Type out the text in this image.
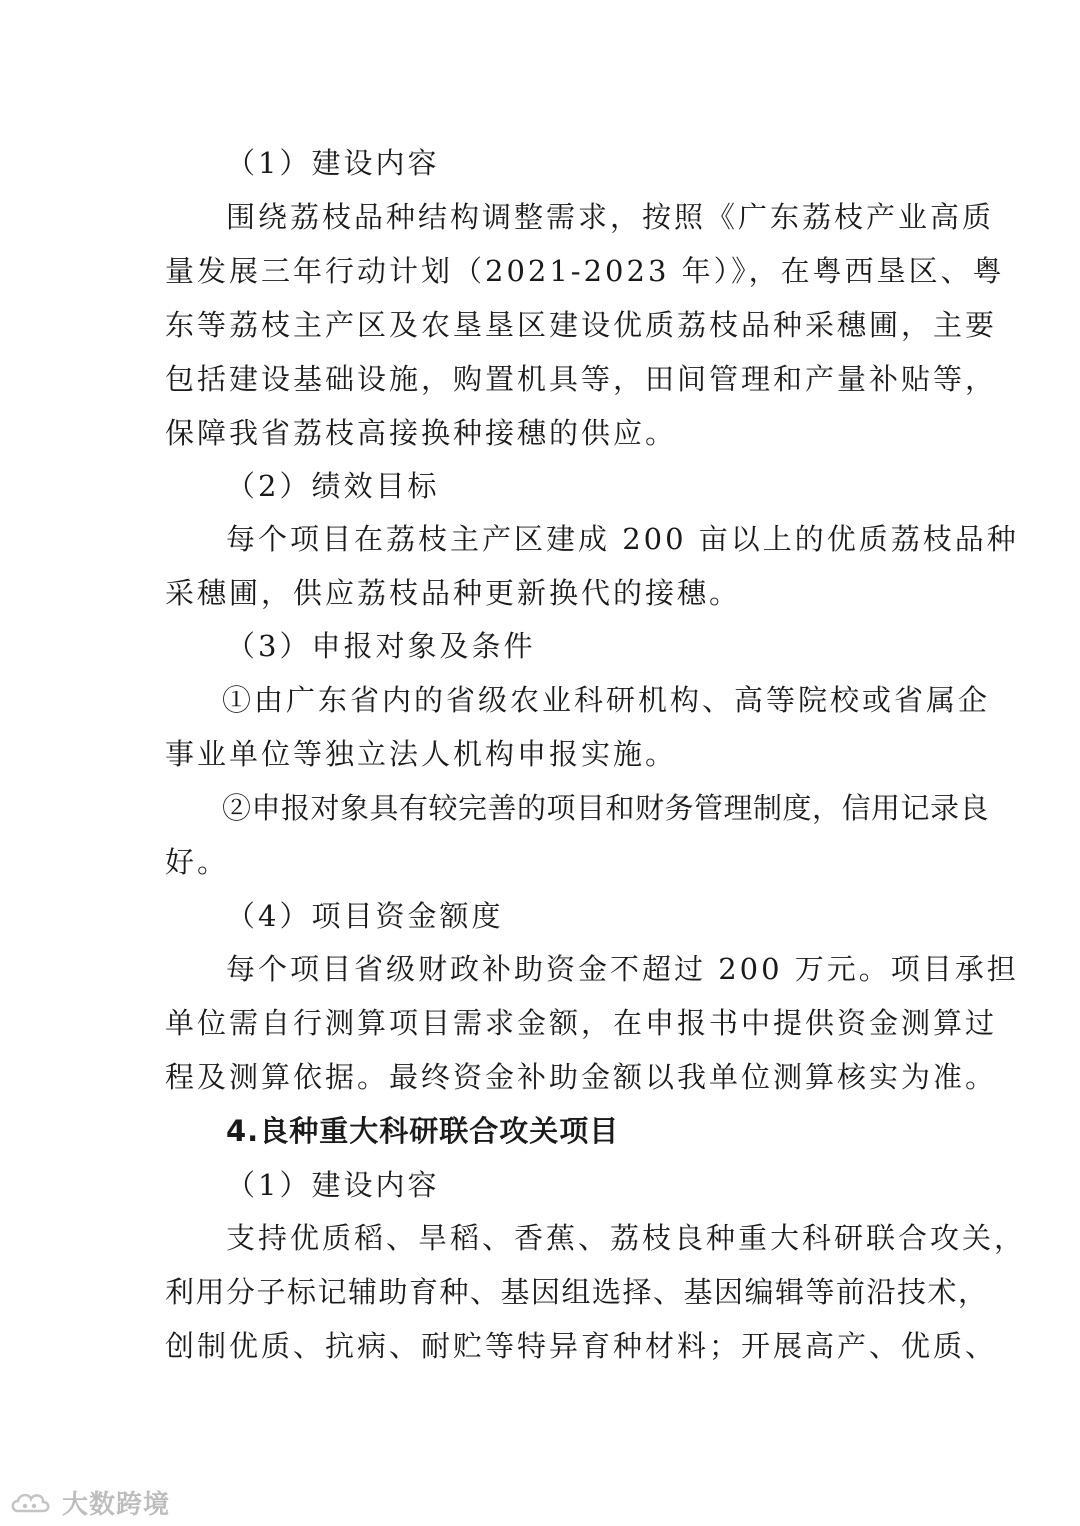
（1）建设内容
围绕荔枝品种结构调整需求，按照《广东荔枝产业高质
量发展三年行动计划（2021-2023 年）》，在粤西垦区、粤
东等荔枝主产区及农垦垦区建设优质荔枝品种采穗圃，主要
包括建设基础设施，购置机具等，田间管理和产量补贴等，
保障我省荔枝高接换种接穗的供应。
（2）绩效目标
每个项目在荔枝主产区建成 200 亩以上的优质荔枝品种
采穗圃，供应荔枝品种更新换代的接穗。
（3）申报对象及条件
①由广东省内的省级农业科研机构、高等院校或省属企
事业单位等独立法人机构申报实施。
②申报对象具有较完善的项目和财务管理制度，信用记录良
好。
（4）项目资金额度
每个项目省级财政补助资金不超过 200 万元。项目承担
单位需自行测算项目需求金额，在申报书中提供资金测算过
程及测算依据。最终资金补助金额以我单位测算核实为准。
4.良种重大科研联合攻关项目
（1）建设内容
支持优质稻、旱稻、香蕉、荔枝良种重大科研联合攻关，
利用分子标记辅助育种、基因组选择、基因编辑等前沿技术，
创制优质、抗病、耐贮等特异育种材料；开展高产、优质、
大数跨境
